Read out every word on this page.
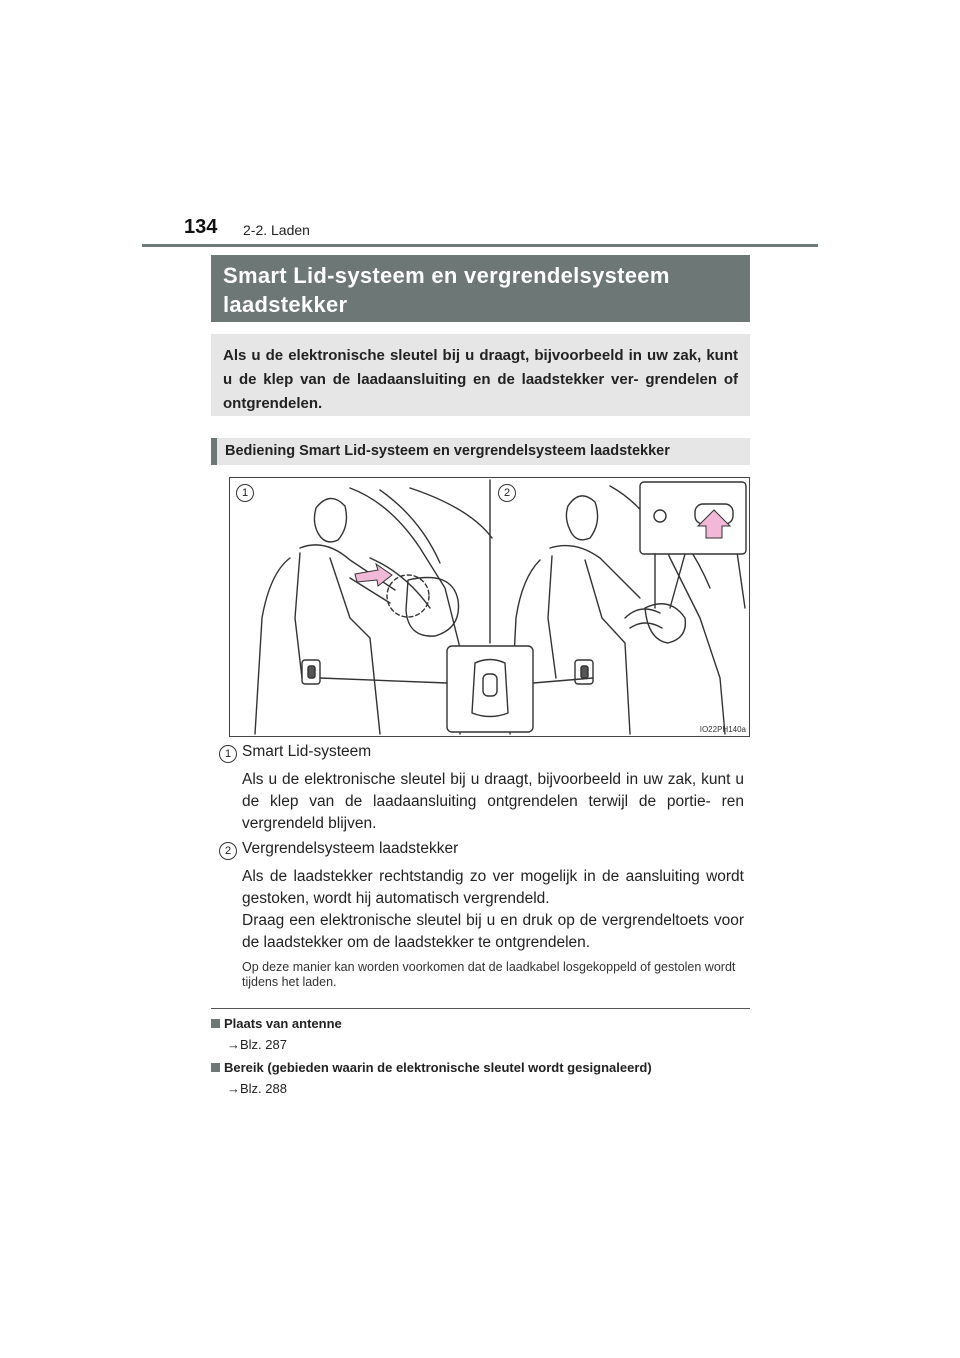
134 2-2. Laden
Smart Lid-systeem en vergrendelsysteem laadstekker
Als u de elektronische sleutel bij u draagt, bijvoorbeeld in uw zak, kunt u de klep van de laadaansluiting en de laadstekker ver- grendelen of ontgrendelen.
Bediening Smart Lid-systeem en vergrendelsysteem laadstekker
1	2
IO22PH140a
1 Smart Lid-systeem
Als u de elektronische sleutel bij u draagt, bijvoorbeeld in uw zak, kunt u de klep van de laadaansluiting ontgrendelen terwijl de portie- ren vergrendeld blijven.
2 Vergrendelsysteem laadstekker
Als de laadstekker rechtstandig zo ver mogelijk in de aansluiting wordt gestoken, wordt hij automatisch vergrendeld.
Draag een elektronische sleutel bij u en druk op de vergrendeltoets voor de laadstekker om de laadstekker te ontgrendelen.
Op deze manier kan worden voorkomen dat de laadkabel losgekoppeld of gestolen wordt tijdens het laden.
Plaats van antenne
→Blz. 287
Bereik (gebieden waarin de elektronische sleutel wordt gesignaleerd)
→Blz. 288
